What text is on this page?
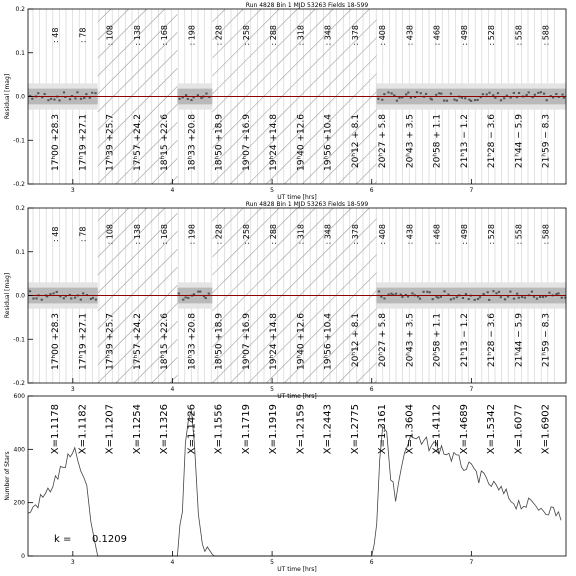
Run 4828 Bin 1 MJD 53263 Fields 18-599
: 48
17ʰ00 +28.3
: 78
17ʰ19 +27.1
: 108
17ʰ39 +25.7
: 138
17ʰ57 +24.2
: 168
18ʰ15 +22.6
: 198
18ʰ33 +20.8
: 228
18ʰ50 +18.9
: 258
19ʰ07 +16.9
: 288
19ʰ24 +14.8
: 318
19ʰ40 +12.6
: 348
19ʰ56 +10.4
: 378
20ʰ12 + 8.1
: 408
20ʰ27 + 5.8
: 438
20ʰ43 + 3.5
: 468
20ʰ58 + 1.1
: 498
21ʰ13 − 1.2
: 528
21ʰ28 − 3.6
: 558
21ʰ44 − 5.9
: 588
21ʰ59 − 8.3
3	4	5	6	7
-0.2
-0.1
0.0
0.1
0.2
UT time [hrs]
Residual [mag]
Run 4828 Bin 1 MJD 53263 Fields 18-599
: 48
17ʰ00 +28.3
: 78
17ʰ19 +27.1
: 108
17ʰ39 +25.7
: 138
17ʰ57 +24.2
: 168
18ʰ15 +22.6
: 198
18ʰ33 +20.8
: 228
18ʰ50 +18.9
: 258
19ʰ07 +16.9
: 288
19ʰ24 +14.8
: 318
19ʰ40 +12.6
: 348
19ʰ56 +10.4
: 378
20ʰ12 + 8.1
: 408
20ʰ27 + 5.8
: 438
20ʰ43 + 3.5
: 468
20ʰ58 + 1.1
: 498
21ʰ13 − 1.2
: 528
21ʰ28 − 3.6
: 558
21ʰ44 − 5.9
: 588
21ʰ59 − 8.3
3	4	5	6	7
-0.2
-0.1
0.0
0.1
0.2
UT time [hrs]
Residual [mag]
X=1.1178 X=1.1182 X=1.1207 X=1.1254 X=1.1326 X=1.1426 X=1.1556 X=1.1719 X=1.1919 X=1.2159 X=1.2443 X=1.2775 X=1.3161 X=1.3604 X=1.4112 X=1.4689 X=1.5342 X=1.6077 X=1.6902
k = 0.1209
3	4	5	6	7
0
200
400
600
UT time [hrs]
Number of Stars
